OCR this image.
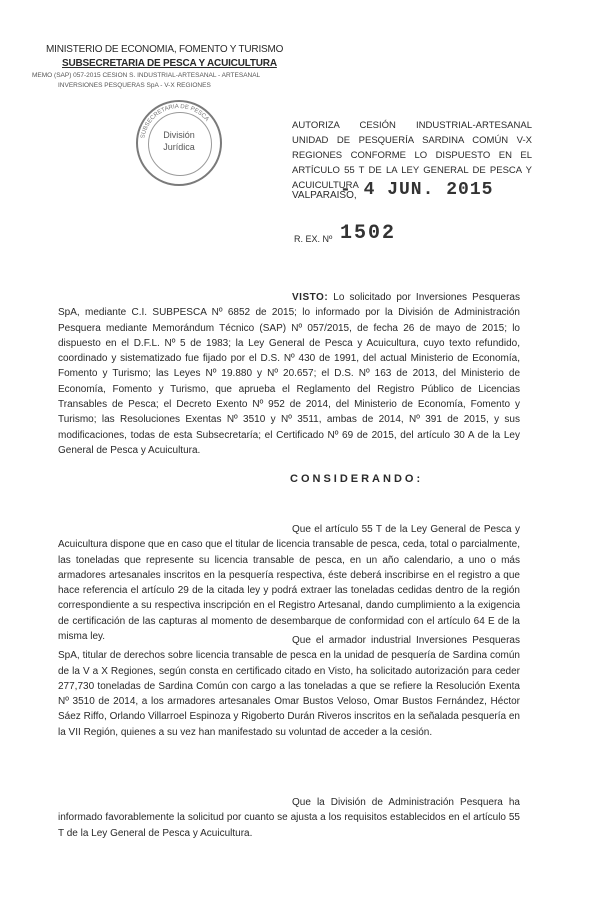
MINISTERIO DE ECONOMIA, FOMENTO Y TURISMO
SUBSECRETARIA DE PESCA Y ACUICULTURA
MEMO (SAP) 057-2015 CESION S. INDUSTRIAL-ARTESANAL - ARTESANAL
INVERSIONES PESQUERAS SpA - V-X REGIONES
SUBSECRETARIA DE PESCA
División
Jurídica
AUTORIZA CESIÓN INDUSTRIAL-ARTESANAL UNIDAD DE PESQUERÍA SARDINA COMÚN V-X REGIONES CONFORME LO DISPUESTO EN EL ARTÍCULO 55 T DE LA LEY GENERAL DE PESCA Y ACUICULTURA
VALPARAISO,
- 4 JUN. 2015
R. EX. Nº 1502
VISTO: Lo solicitado por Inversiones Pesqueras SpA, mediante C.I. SUBPESCA Nº 6852 de 2015; lo informado por la División de Administración Pesquera mediante Memorándum Técnico (SAP) Nº 057/2015, de fecha 26 de mayo de 2015; lo dispuesto en el D.F.L. Nº 5 de 1983; la Ley General de Pesca y Acuicultura, cuyo texto refundido, coordinado y sistematizado fue fijado por el D.S. Nº 430 de 1991, del actual Ministerio de Economía, Fomento y Turismo; las Leyes Nº 19.880 y Nº 20.657; el D.S. Nº 163 de 2013, del Ministerio de Economía, Fomento y Turismo, que aprueba el Reglamento del Registro Público de Licencias Transables de Pesca; el Decreto Exento Nº 952 de 2014, del Ministerio de Economía, Fomento y Turismo; las Resoluciones Exentas Nº 3510 y Nº 3511, ambas de 2014, Nº 391 de 2015, y sus modificaciones, todas de esta Subsecretaría; el Certificado Nº 69 de 2015, del artículo 30 A de la Ley General de Pesca y Acuicultura.
CONSIDERANDO:
Que el artículo 55 T de la Ley General de Pesca y Acuicultura dispone que en caso que el titular de licencia transable de pesca, ceda, total o parcialmente, las toneladas que represente su licencia transable de pesca, en un año calendario, a uno o más armadores artesanales inscritos en la pesquería respectiva, éste deberá inscribirse en el registro a que hace referencia el artículo 29 de la citada ley y podrá extraer las toneladas cedidas dentro de la región correspondiente a su respectiva inscripción en el Registro Artesanal, dando cumplimiento a la exigencia de certificación de las capturas al momento de desembarque de conformidad con el artículo 64 E de la misma ley.	Que el armador industrial Inversiones Pesqueras SpA, titular de derechos sobre licencia transable de pesca en la unidad de pesquería de Sardina común de la V a X Regiones, según consta en certificado citado en Visto, ha solicitado autorización para ceder 277,730 toneladas de Sardina Común con cargo a las toneladas a que se refiere la Resolución Exenta Nº 3510 de 2014, a los armadores artesanales Omar Bustos Veloso, Omar Bustos Fernández, Héctor Sáez Riffo, Orlando Villarroel Espinoza y Rigoberto Durán Riveros inscritos en la señalada pesquería en la VII Región, quienes a su vez han manifestado su voluntad de acceder a la cesión.
Que la División de Administración Pesquera ha informado favorablemente la solicitud por cuanto se ajusta a los requisitos establecidos en el artículo 55 T de la Ley General de Pesca y Acuicultura.
